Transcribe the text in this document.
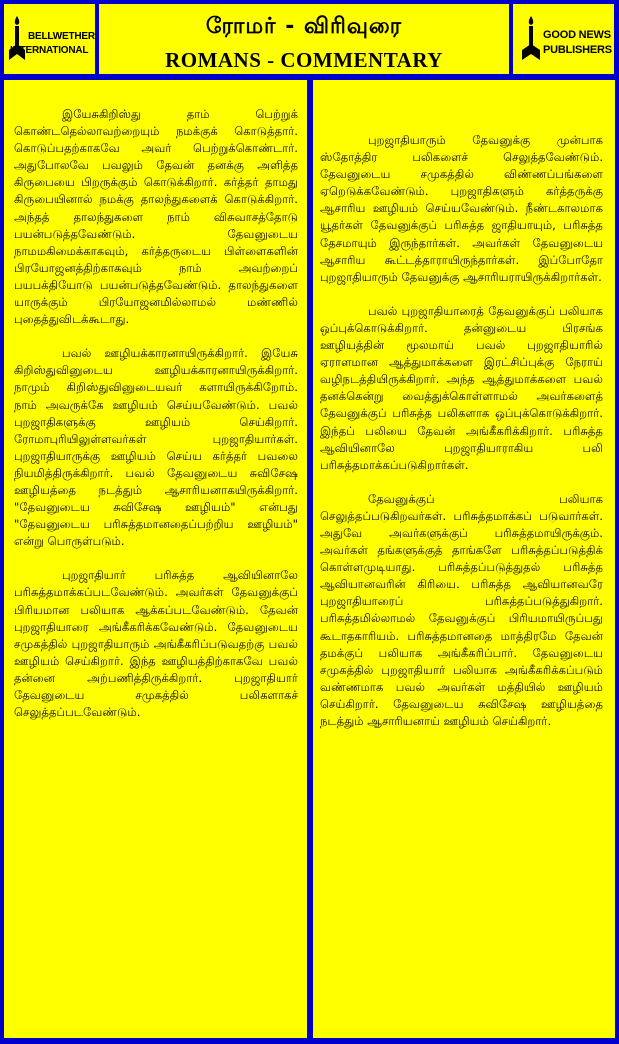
BELLWETHER
INTERNATIONAL
ரோமர் - விரிவுரை
ROMANS - COMMENTARY
GOOD NEWS
PUBLISHERS

இயேசுகிறிஸ்து தாம் பெற்றுக் கொண்டதெல்லாவற்றையும் நமக்குக் கொடுத்தார். கொடுப்பதற்காகவே அவர் பெற்றுக்கொண்டார். அதுபோலவே பவலும் தேவன் தனக்கு அளித்த கிருபையை பிறருக்கும் கொடுக்கிறார். கர்த்தர் தாமது கிருபையினால் நமக்கு தாலந்துகளைக் கொடுக்கிறார். அந்தத் தாலந்துகளை நாம் விசுவாசத்தோடு பயன்படுத்தவேண்டும். தேவனுடைய நாமமகிமைக்காகவும், கர்த்தருடைய பிள்ளைகளின் பிரயோஜனத்திற்காகவும் நாம் அவற்றைப் பயபக்தியோடு பயன்படுத்தவேண்டும். தாலந்துகளை யாருக்கும் பிரயோஜனமில்லாமல் மண்ணில் புதைத்துவிடக்கூடாது.

பவல் ஊழியக்காரனாயிருக்கிறார். இயேசு கிறிஸ்துவினுடைய ஊழியக்காரனாயிருக்கிறார். நாமும் கிறிஸ்துவினுடையவர் களாயிருக்கிறோம். நாம் அவருக்கே ஊழியம் செய்யவேண்டும். பவல் புறஜாதிகளுக்கு ஊழியம் செய்கிறார். ரோமாபுரியிலுள்ளவர்கள் புறஜாதியார்கள். புறஜாதியாருக்கு ஊழியம் செய்ய கர்த்தர் பவலை நியமித்திருக்கிறார். பவல் தேவனுடைய சுவிசேஷ ஊழியத்தை நடத்தும் ஆசாரியனாகயிருக்கிறார். "தேவனுடைய சுவிசேஷ ஊழியம்" என்பது "தேவனுடைய பரிசுத்தமானதைப்பற்றிய ஊழியம்" என்று பொருள்படும்.

புறஜாதியார் பரிசுத்த ஆவியினாலே பரிசுத்தமாக்கப்படவேண்டும். அவர்கள் தேவனுக்குப் பிரியமான பலியாக ஆக்கப்படவேண்டும். தேவன் புறஜாதியாரை அங்கீகரிக்கவேண்டும். தேவனுடைய சமுகத்தில் புறஜாதியாரும் அங்கீகரிப்படுவதற்கு பவல் ஊழியம் செய்கிறார். இந்த ஊழியத்திற்காகவே பவல் தன்னை அற்பணித்திருக்கிறார். புறஜாதியார் தேவனுடைய சமுகத்தில் பலிகளாகச் செலுத்தப்படவேண்டும்.

புறஜாதியாரும் தேவனுக்கு முன்பாக ஸ்தோத்திர பலிகளைச் செலுத்தவேண்டும். தேவனுடைய சமுகத்தில் விண்ணப்பங்களை ஏறெடுக்கவேண்டும். புறஜாதிகளும் கர்த்தருக்கு ஆசாரிய ஊழியம் செய்யவேண்டும். நீண்டகாலமாக யூதர்கள் தேவனுக்குப் பரிசுத்த ஜாதியாயும், பரிசுத்த தேசமாயும் இருந்தார்கள். அவர்கள் தேவனுடைய ஆசாரிய கூட்டத்தாராயிருந்தார்கள். இப்போதோ புறஜாதியாரும் தேவனுக்கு ஆசாரியராயிருக்கிறார்கள்.

பவல் புறஜாதியாரைத் தேவனுக்குப் பலியாக ஒப்புக்கொடுக்கிறார். தன்னுடைய பிரசங்க ஊழியத்தின் மூலமாய் பவல் புறஜாதியாரில் ஏராளமான ஆத்துமாக்களை இரட்சிப்புக்கு நேராய் வழிநடத்தியிருக்கிறார். அந்த ஆத்துமாக்களை பவல் தனக்கென்று வைத்துக்கொள்ளாமல் அவர்களைத் தேவனுக்குப் பரிசுத்த பலிகளாக ஒப்புக்கொடுக்கிறார். இந்தப் பலியை தேவன் அங்கீகரிக்கிறார். பரிசுத்த ஆவியினாலே புறஜாதியாராகிய பலி பரிசுத்தமாக்கப்படுகிறார்கள்.

தேவனுக்குப் பலியாக செலுத்தப்படுகிறவர்கள். பரிசுத்தமாக்கப் படுவார்கள். அதுவே அவர்களுக்குப் பரிசுத்தமாயிருக்கும். அவர்கள் தங்களுக்குத் தாங்களே பரிசுத்தப்படுத்திக் கொள்ளமுடியாது. பரிசுத்தப்படுத்துதல் பரிசுத்த ஆவியானவரின் கிரியை. பரிசுத்த ஆவியானவரே புறஜாதியாரைப் பரிசுத்தப்படுத்துகிறார். பரிசுத்தமில்லாமல் தேவனுக்குப் பிரியமாயிருப்பது கூடாதகாரியம். பரிசுத்தமானதை மாத்திரமே தேவன் தமக்குப் பலியாக அங்கீகரிப்பார். தேவனுடைய சமுகத்தில் புறஜாதியார் பலியாக அங்கீகரிக்கப்படும் வண்ணமாக பவல் அவர்கள் மத்தியில் ஊழியம் செய்கிறார். தேவனுடைய சுவிசேஷ ஊழியத்தை நடத்தும் ஆசாரியனாய் ஊழியம் செய்கிறார்.
